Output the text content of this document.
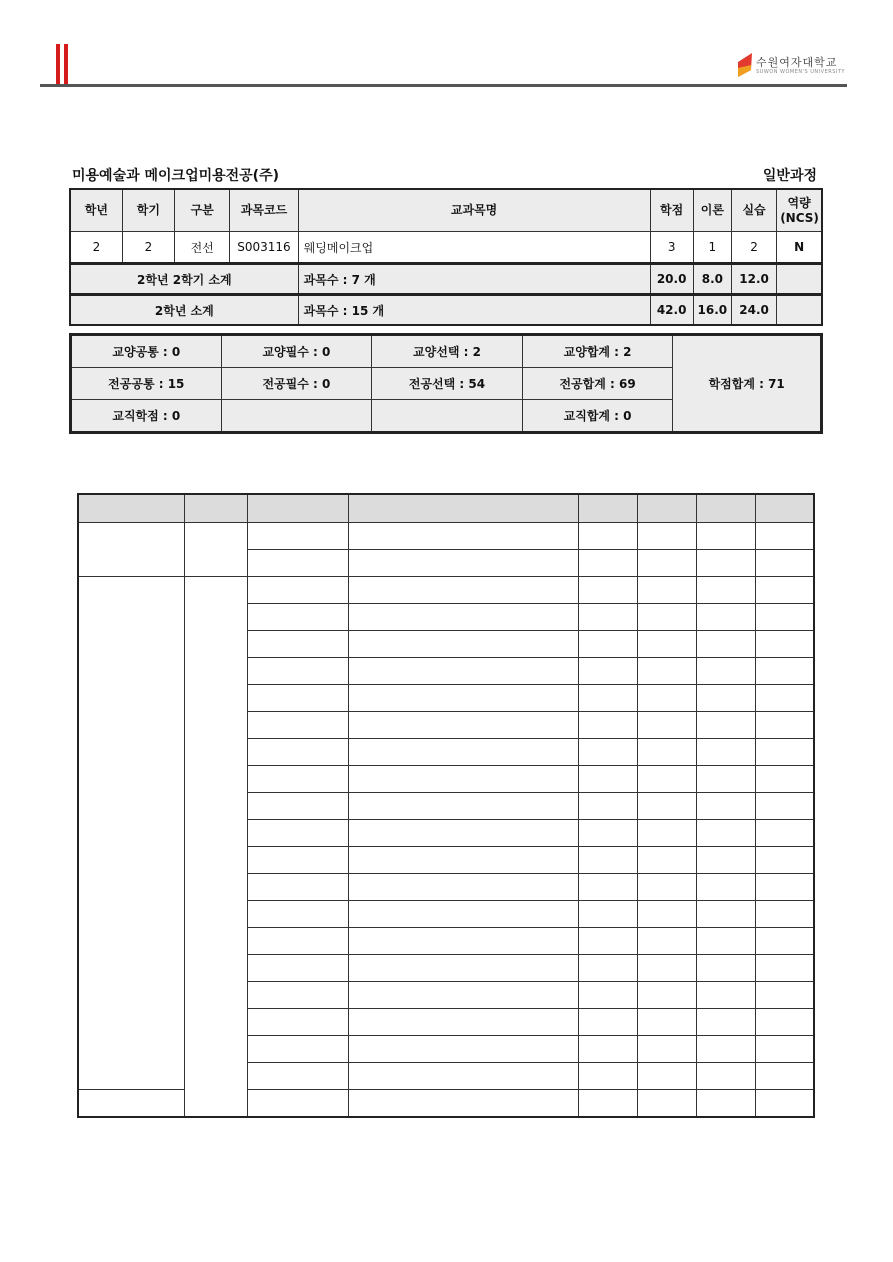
수원여자대학교
SUWON WOMEN'S UNIVERSITY
미용예술과 메이크업미용전공(주)	일반과정
학년	학기	구분	과목코드	교과목명	학점	이론	실습	역량
(NCS)
2	2	전선	S003116	웨딩메이크업	3	1	2	N
2학년 2학기 소계				과목수 : 7 개	20.0	8.0	12.0	
2학년 소계				과목수 : 15 개	42.0	16.0	24.0	
교양공통 : 0	교양필수 : 0	교양선택 : 2	교양합계 : 2	학점합계 : 71
전공공통 : 15	전공필수 : 0	전공선택 : 54	전공합계 : 69	
교직학점 : 0			교직합계 : 0	
